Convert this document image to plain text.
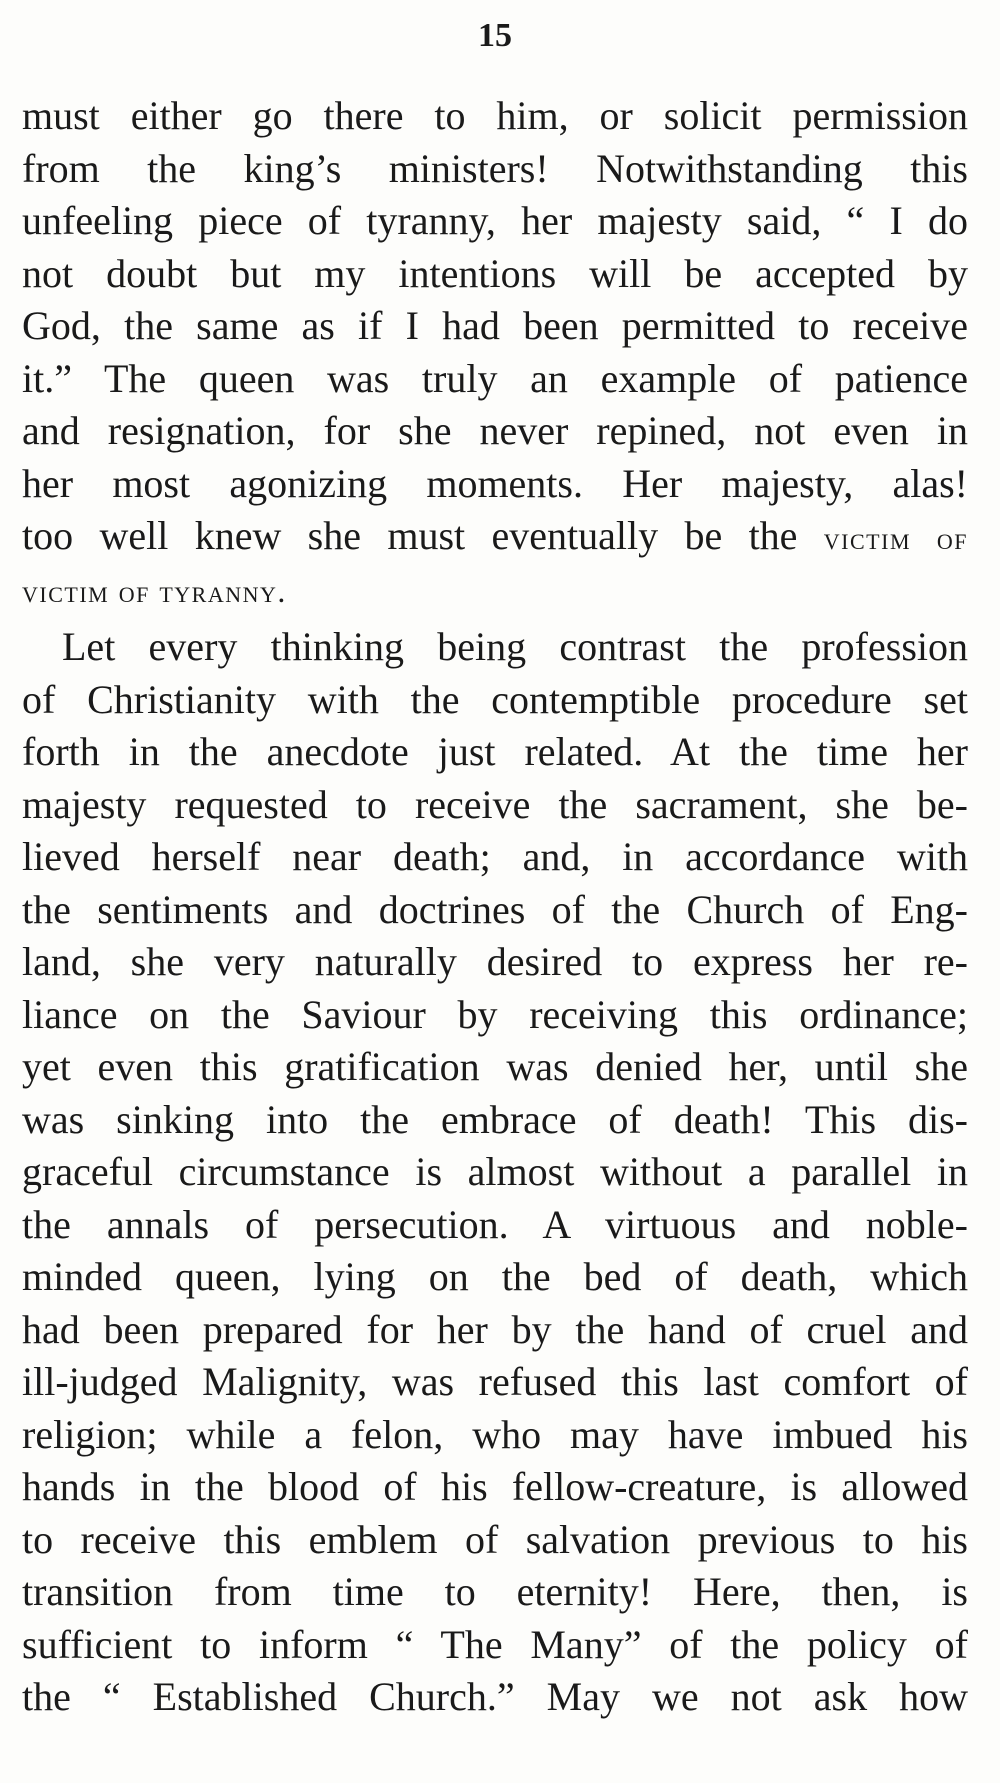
15
must either go there to him, or solicit permission
from the king’s ministers! Notwithstanding this
unfeeling piece of tyranny, her majesty said, “ I do
not doubt but my intentions will be accepted by
God, the same as if I had been permitted to receive
it.” The queen was truly an example of patience
and resignation, for she never repined, not even in
her most agonizing moments. Her majesty, alas!
too well knew she must eventually be the victim of
victim of tyranny.
Let every thinking being contrast the profession
of Christianity with the contemptible procedure set
forth in the anecdote just related. At the time her
majesty requested to receive the sacrament, she be-
lieved herself near death; and, in accordance with
the sentiments and doctrines of the Church of Eng-
land, she very naturally desired to express her re-
liance on the Saviour by receiving this ordinance;
yet even this gratification was denied her, until she
was sinking into the embrace of death! This dis-
graceful circumstance is almost without a parallel in
the annals of persecution. A virtuous and noble-
minded queen, lying on the bed of death, which
had been prepared for her by the hand of cruel and
ill-judged Malignity, was refused this last comfort of
religion; while a felon, who may have imbued his
hands in the blood of his fellow-creature, is allowed
to receive this emblem of salvation previous to his
transition from time to eternity! Here, then, is
sufficient to inform “ The Many” of the policy of
the “ Established Church.” May we not ask how
